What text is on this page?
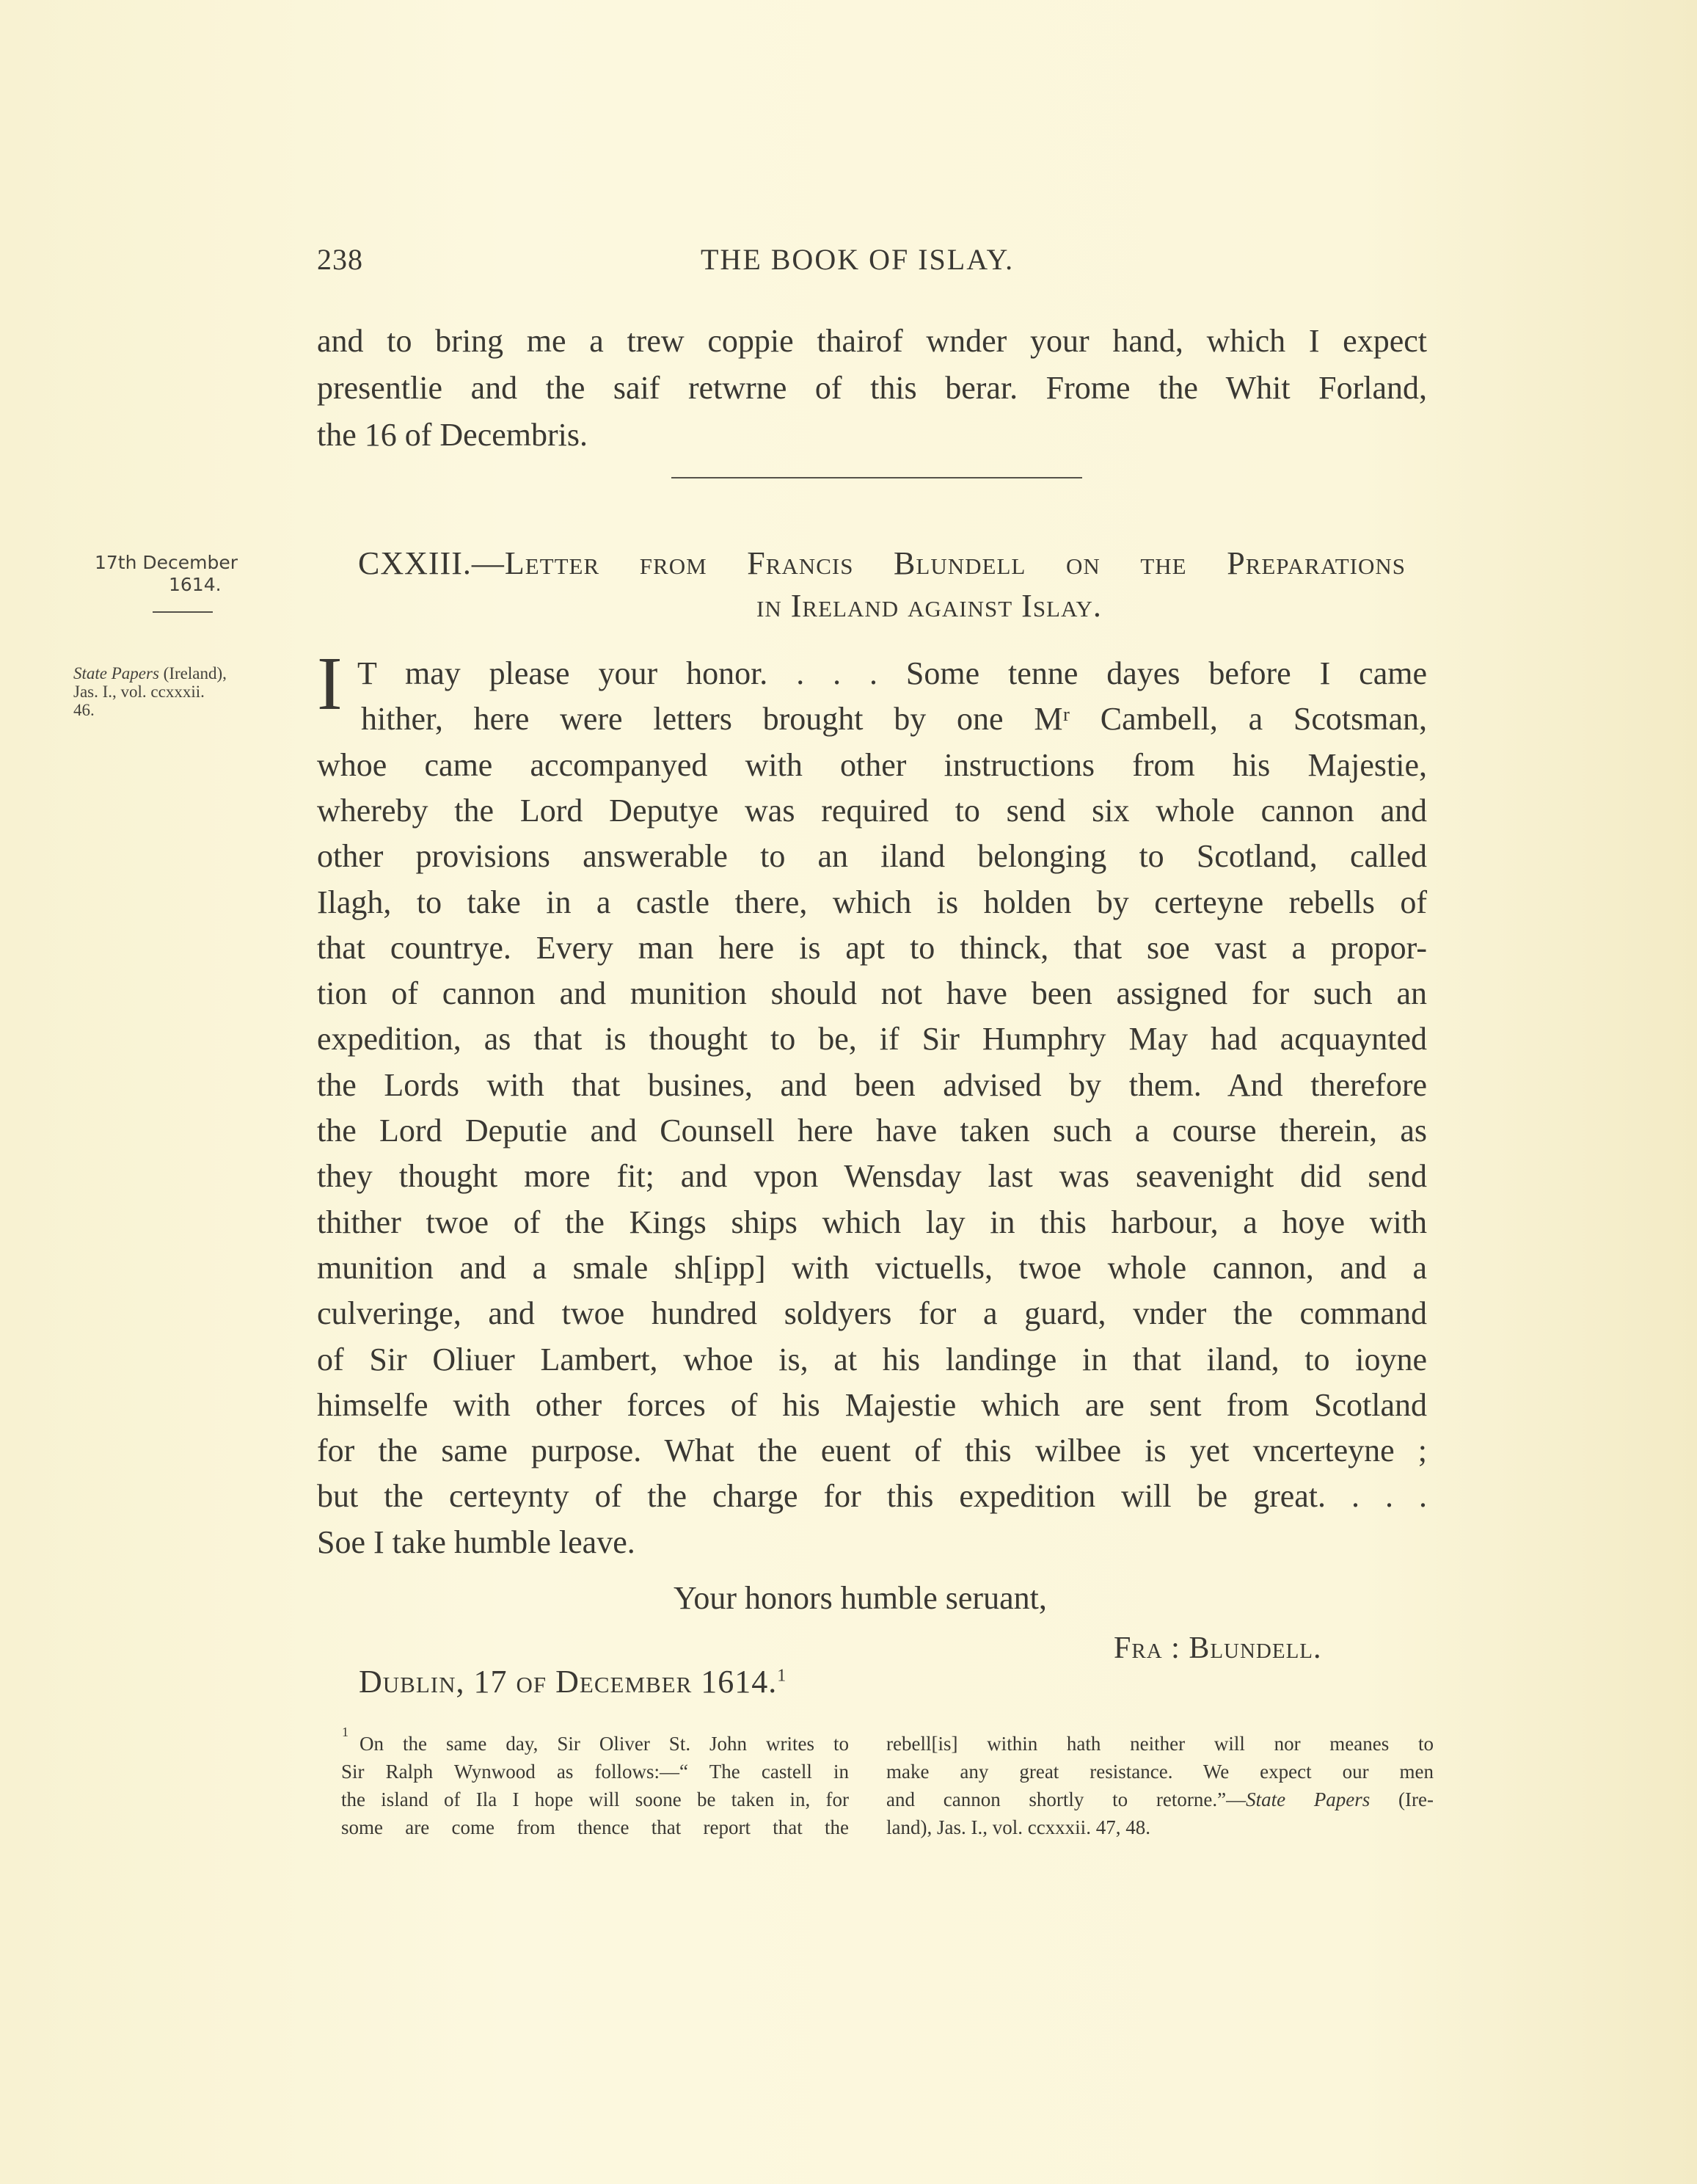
238	THE BOOK OF ISLAY.
and to bring me a trew coppie thairof wnder your hand, which I expect
presentlie and the saif retwrne of this berar. Frome the Whit Forland,
the 16 of Decembris.
17th December
1614.
State Papers (Ireland),
Jas. I., vol. ccxxxii.
46.
CXXIII.—Letter from Francis Blundell on the Preparations
in Ireland against Islay.
I T may please your honor. . . . Some tenne dayes before I came
hither, here were letters brought by one Mʳ Cambell, a Scotsman,
whoe came accompanyed with other instructions from his Majestie,
whereby the Lord Deputye was required to send six whole cannon and
other provisions answerable to an iland belonging to Scotland, called
Ilagh, to take in a castle there, which is holden by certeyne rebells of
that countrye. Every man here is apt to thinck, that soe vast a propor-
tion of cannon and munition should not have been assigned for such an
expedition, as that is thought to be, if Sir Humphry May had acquaynted
the Lords with that busines, and been advised by them. And therefore
the Lord Deputie and Counsell here have taken such a course therein, as
they thought more fit; and vpon Wensday last was seavenight did send
thither twoe of the Kings ships which lay in this harbour, a hoye with
munition and a smale sh[ipp] with victuells, twoe whole cannon, and a
culveringe, and twoe hundred soldyers for a guard, vnder the command
of Sir Oliuer Lambert, whoe is, at his landinge in that iland, to ioyne
himselfe with other forces of his Majestie which are sent from Scotland
for the same purpose. What the euent of this wilbee is yet vncerteyne ;
but the certeynty of the charge for this expedition will be great. . . .
Soe I take humble leave.
Your honors humble seruant,
Fra : Blundell.
Dublin, 17 of December 1614.$^1$
On the same day, Sir Oliver St. John writes to
Sir Ralph Wynwood as follows:—“ The castell in
the island of Ila I hope will soone be taken in, for
some are come from thence that report that the
1
rebell[is] within hath neither will nor meanes to
make any great resistance. We expect our men
and cannon shortly to retorne.”—State Papers (Ire-
land), Jas. I., vol. ccxxxii. 47, 48.
